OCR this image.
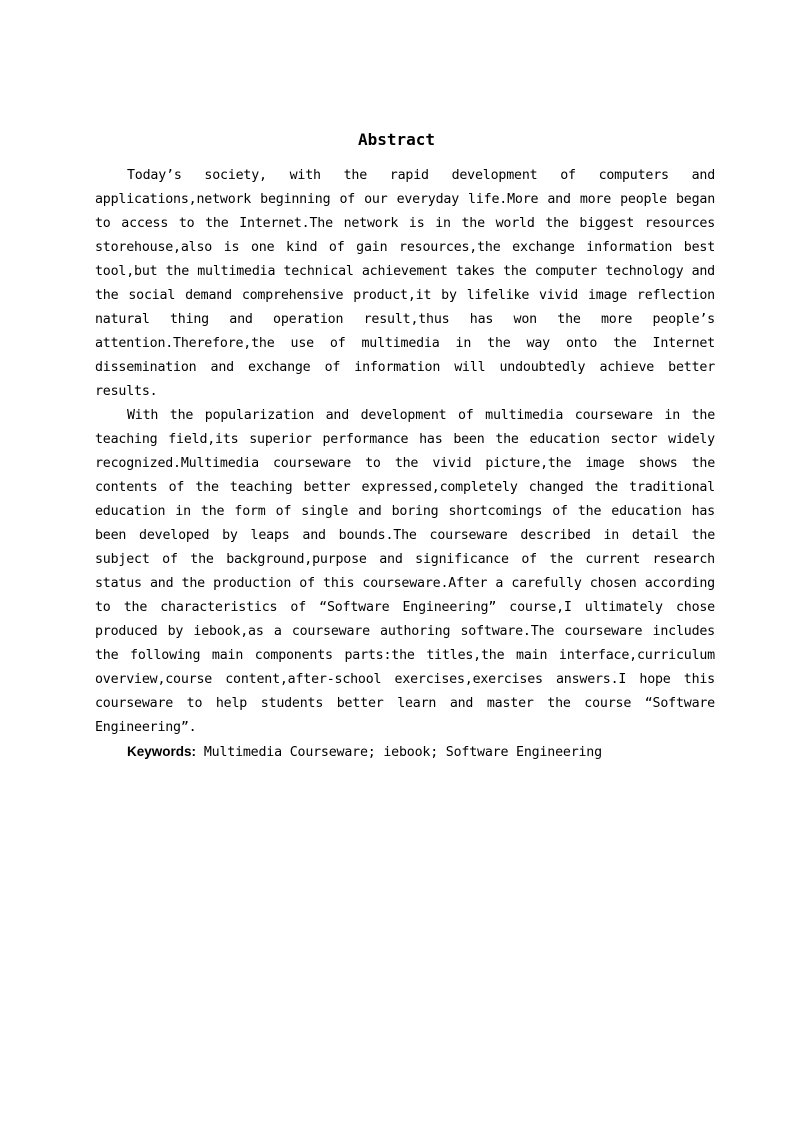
Abstract

Today’s society, with the rapid development of computers and applications,network beginning of our everyday life.More and more people began to access to the Internet.The network is in the world the biggest resources storehouse,also is one kind of gain resources,the exchange information best tool,but the multimedia technical achievement takes the computer technology and the social demand comprehensive product,it by lifelike vivid image reflection natural thing and operation result,thus has won the more people’s attention.Therefore,the use of multimedia in the way onto the Internet dissemination and exchange of information will undoubtedly achieve better results.

With the popularization and development of multimedia courseware in the teaching field,its superior performance has been the education sector widely recognized.Multimedia courseware to the vivid picture,the image shows the contents of the teaching better expressed,completely changed the traditional education in the form of single and boring shortcomings of the education has been developed by leaps and bounds.The courseware described in detail the subject of the background,purpose and significance of the current research status and the production of this courseware.After a carefully chosen according to the characteristics of “Software Engineering” course,I ultimately chose produced by iebook,as a courseware authoring software.The courseware includes the following main components parts:the titles,the main interface,curriculum overview,course content,after-school exercises,exercises answers.I hope this courseware to help students better learn and master the course “Software Engineering”.

Keywords: Multimedia Courseware; iebook; Software Engineering
